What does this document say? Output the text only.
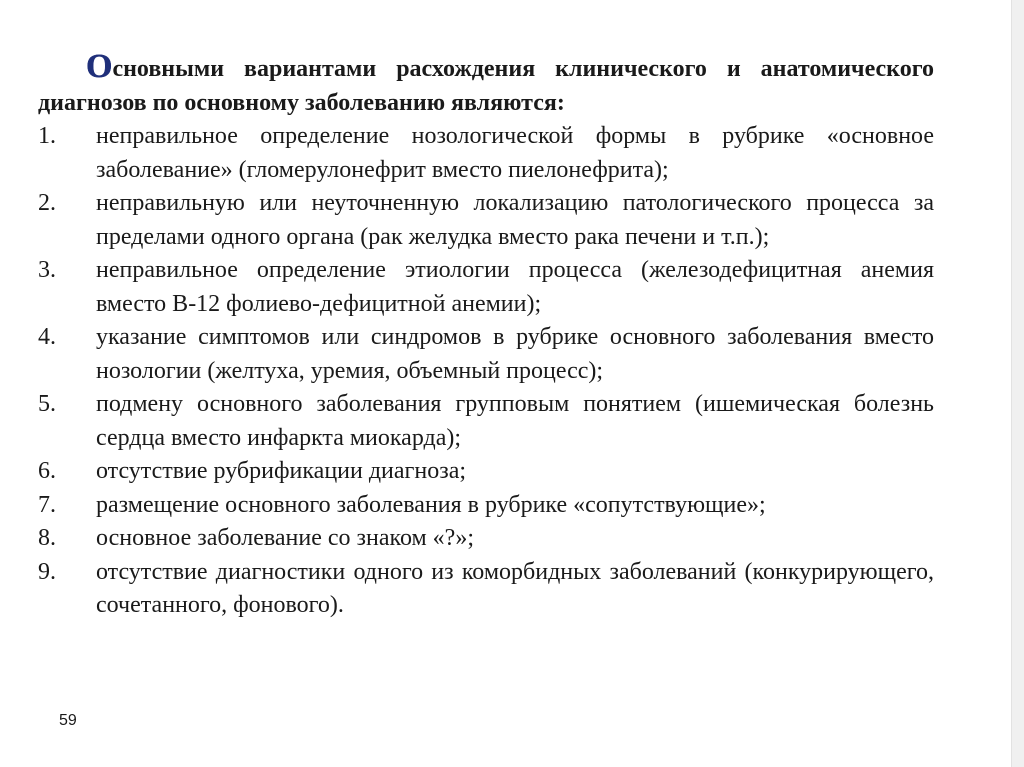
Основными вариантами расхождения клинического и анатомического диагнозов по основному заболеванию являются:

1.	неправильное определение нозологической формы в рубрике «основное заболевание» (гломерулонефрит вместо пиелонефрита);
2.	неправильную или неуточненную локализацию патологического процесса за пределами одного органа (рак желудка вместо рака печени и т.п.);
3.	неправильное определение этиологии процесса (железодефицитная анемия вместо В-12 фолиево-дефицитной анемии);
4.	указание симптомов или синдромов в рубрике основного заболевания вместо нозологии (желтуха, уремия, объемный процесс);
5.	подмену основного заболевания групповым понятием (ишемическая болезнь сердца вместо инфаркта миокарда);
6.	отсутствие рубрификации диагноза;
7.	размещение основного заболевания в рубрике «сопутствующие»;
8.	основное заболевание со знаком «?»;
9.	отсутствие диагностики одного из коморбидных заболеваний (конкурирующего, сочетанного, фонового).
59
